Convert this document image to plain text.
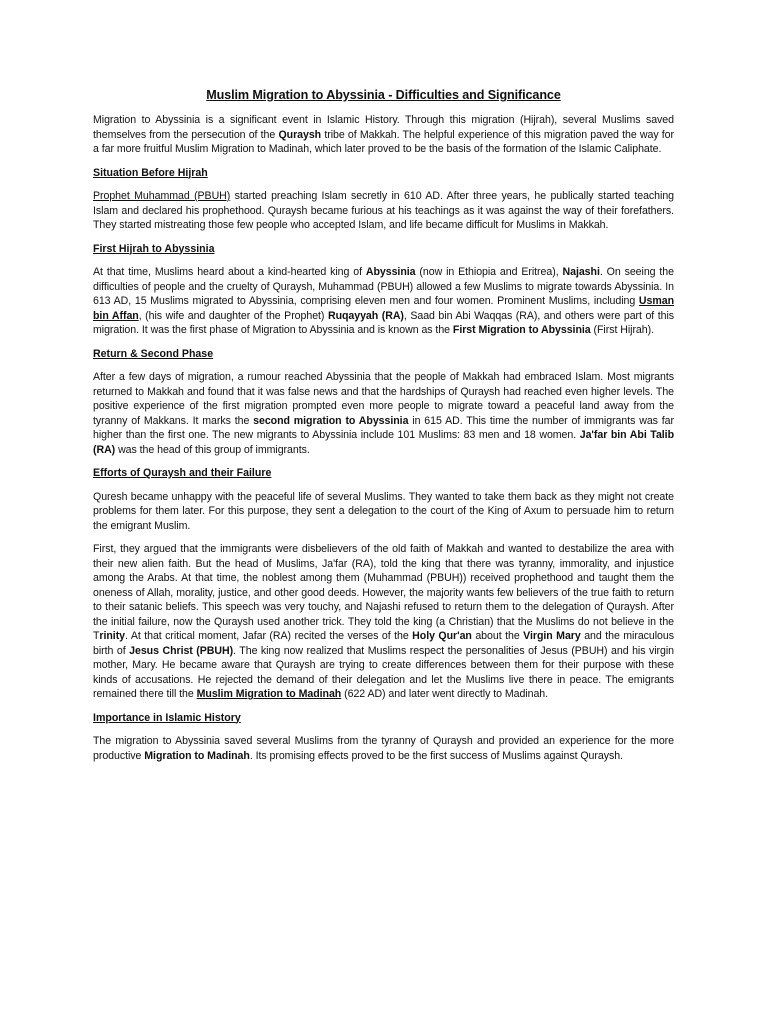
Muslim Migration to Abyssinia - Difficulties and Significance

Migration to Abyssinia is a significant event in Islamic History. Through this migration (Hijrah), several Muslims saved themselves from the persecution of the Quraysh tribe of Makkah. The helpful experience of this migration paved the way for a far more fruitful Muslim Migration to Madinah, which later proved to be the basis of the formation of the Islamic Caliphate.

Situation Before Hijrah

Prophet Muhammad (PBUH) started preaching Islam secretly in 610 AD. After three years, he publically started teaching Islam and declared his prophethood. Quraysh became furious at his teachings as it was against the way of their forefathers. They started mistreating those few people who accepted Islam, and life became difficult for Muslims in Makkah.

First Hijrah to Abyssinia

At that time, Muslims heard about a kind-hearted king of Abyssinia (now in Ethiopia and Eritrea), Najashi. On seeing the difficulties of people and the cruelty of Quraysh, Muhammad (PBUH) allowed a few Muslims to migrate towards Abyssinia. In 613 AD, 15 Muslims migrated to Abyssinia, comprising eleven men and four women. Prominent Muslims, including Usman bin Affan, (his wife and daughter of the Prophet) Ruqayyah (RA), Saad bin Abi Waqqas (RA), and others were part of this migration. It was the first phase of Migration to Abyssinia and is known as the First Migration to Abyssinia (First Hijrah).

Return & Second Phase

After a few days of migration, a rumour reached Abyssinia that the people of Makkah had embraced Islam. Most migrants returned to Makkah and found that it was false news and that the hardships of Quraysh had reached even higher levels. The positive experience of the first migration prompted even more people to migrate toward a peaceful land away from the tyranny of Makkans. It marks the second migration to Abyssinia in 615 AD. This time the number of immigrants was far higher than the first one. The new migrants to Abyssinia include 101 Muslims: 83 men and 18 women. Ja'far bin Abi Talib (RA) was the head of this group of immigrants.

Efforts of Quraysh and their Failure

Quresh became unhappy with the peaceful life of several Muslims. They wanted to take them back as they might not create problems for them later. For this purpose, they sent a delegation to the court of the King of Axum to persuade him to return the emigrant Muslim.

First, they argued that the immigrants were disbelievers of the old faith of Makkah and wanted to destabilize the area with their new alien faith. But the head of Muslims, Ja'far (RA), told the king that there was tyranny, immorality, and injustice among the Arabs. At that time, the noblest among them (Muhammad (PBUH)) received prophethood and taught them the oneness of Allah, morality, justice, and other good deeds. However, the majority wants few believers of the true faith to return to their satanic beliefs. This speech was very touchy, and Najashi refused to return them to the delegation of Quraysh. After the initial failure, now the Quraysh used another trick. They told the king (a Christian) that the Muslims do not believe in the Trinity. At that critical moment, Jafar (RA) recited the verses of the Holy Qur'an about the Virgin Mary and the miraculous birth of Jesus Christ (PBUH). The king now realized that Muslims respect the personalities of Jesus (PBUH) and his virgin mother, Mary. He became aware that Quraysh are trying to create differences between them for their purpose with these kinds of accusations. He rejected the demand of their delegation and let the Muslims live there in peace. The emigrants remained there till the Muslim Migration to Madinah (622 AD) and later went directly to Madinah.

Importance in Islamic History

The migration to Abyssinia saved several Muslims from the tyranny of Quraysh and provided an experience for the more productive Migration to Madinah. Its promising effects proved to be the first success of Muslims against Quraysh.
